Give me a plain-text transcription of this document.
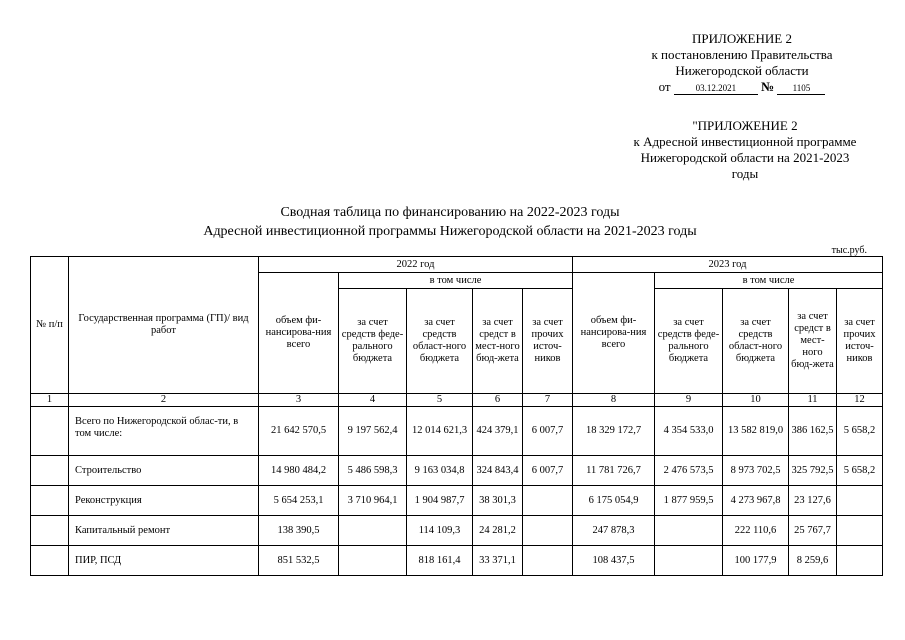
ПРИЛОЖЕНИЕ 2
к постановлению Правительства
Нижегородской области
от	03.12.2021 № 1105
"ПРИЛОЖЕНИЕ 2
к Адресной инвестиционной программе
Нижегородской области на 2021-2023
годы
Сводная таблица по финансированию на 2022-2023 годы
Адресной инвестиционной программы Нижегородской области на 2021-2023 годы
тыс.руб.
№ п/п	Государственная программа (ГП)/ вид работ	2022 год					2023 год				
		объем фи-нансирова-ния всего	в том числе				объем фи-нансирова-ния всего	в том числе			
			за счет средств феде-рального бюджета	за счет средств област-ного бюджета	за счет средст в мест-ного бюд-жета	за счет прочих источ-ников		за счет средств феде-рального бюджета	за счет средств област-ного бюджета	за счет средст в мест-ного бюд-жета	за счет прочих источ-ников
1	2	3	4	5	6	7	8	9	10	11	12
	Всего по Нижегородской облас-ти, в том числе:	21 642 570,5	9 197 562,4	12 014 621,3	424 379,1	6 007,7	18 329 172,7	4 354 533,0	13 582 819,0	386 162,5	5 658,2
	Строительство	14 980 484,2	5 486 598,3	9 163 034,8	324 843,4	6 007,7	11 781 726,7	2 476 573,5	8 973 702,5	325 792,5	5 658,2
	Реконструкция	5 654 253,1	3 710 964,1	1 904 987,7	38 301,3		6 175 054,9	1 877 959,5	4 273 967,8	23 127,6	
	Капитальный ремонт	138 390,5		114 109,3	24 281,2		247 878,3		222 110,6	25 767,7	
	ПИР, ПСД	851 532,5		818 161,4	33 371,1		108 437,5		100 177,9	8 259,6	
